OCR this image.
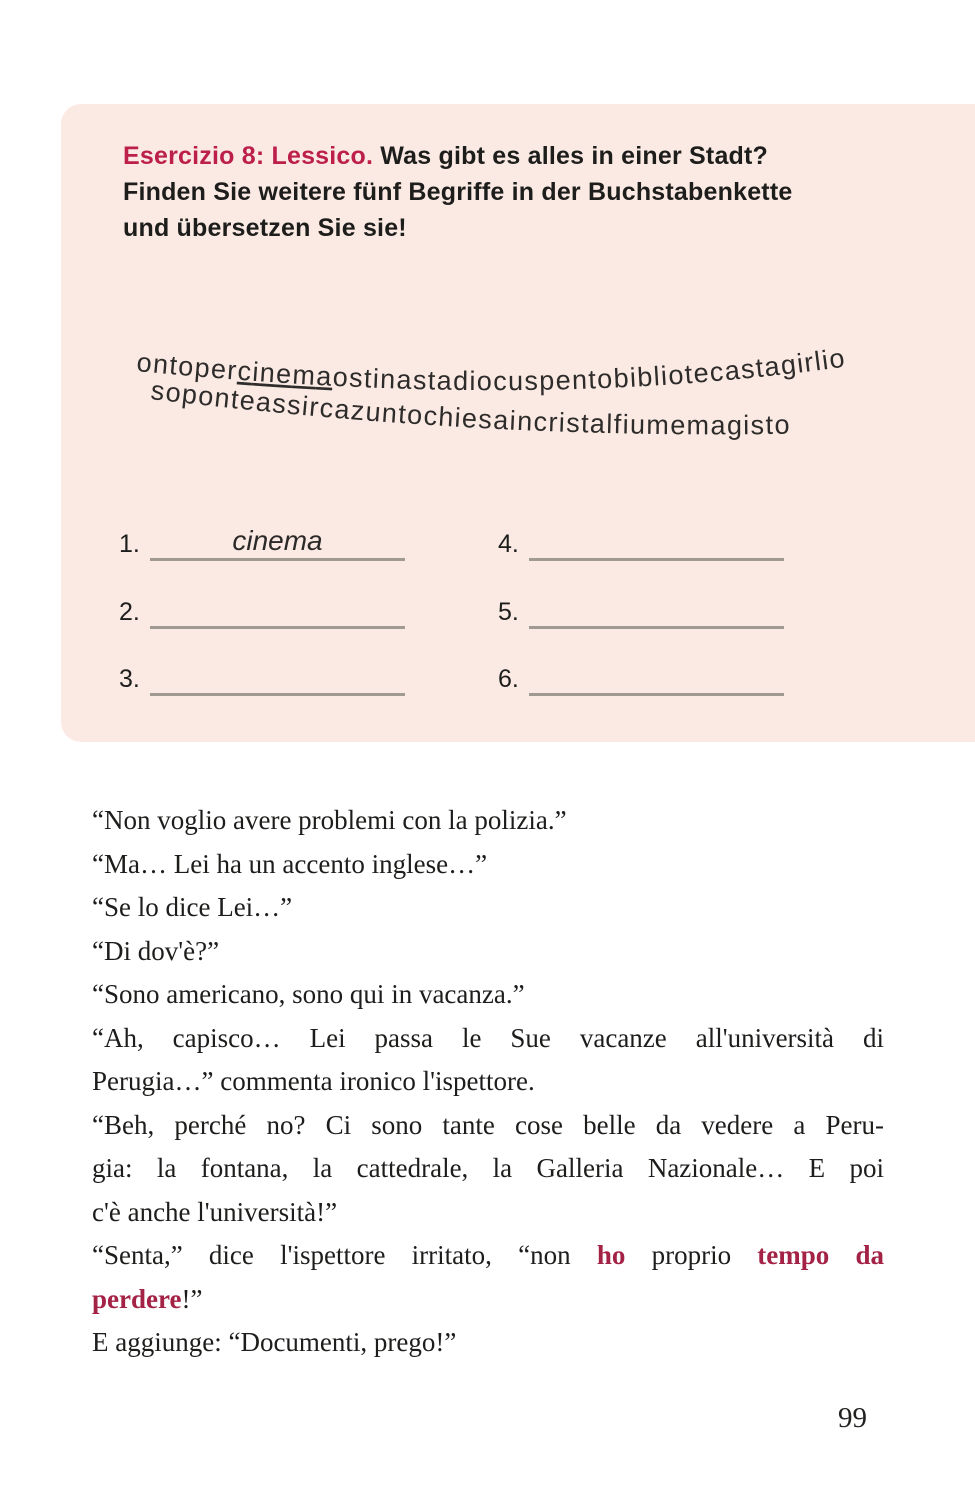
Esercizio 8: Lessico. Was gibt es alles in einer Stadt?
Finden Sie weitere fünf Begriffe in der Buchstabenkette
und übersetzen Sie sie!
ontopercinemaostinastadiocuspentobibliotecastagirlio
soponteassircazuntochiesaincristalfiumemagisto
1.	cinema
2.
3.
4.
5.
6.
“Non voglio avere problemi con la polizia.”
“Ma… Lei ha un accento inglese…”
“Se lo dice Lei…”
“Di dov'è?”
“Sono americano, sono qui in vacanza.”
“Ah, capisco… Lei passa le Sue vacanze all'università di
Perugia…” commenta ironico l'ispettore.
“Beh, perché no? Ci sono tante cose belle da vedere a Peru-
gia: la fontana, la cattedrale, la Galleria Nazionale… E poi
c'è anche l'università!”
“Senta,” dice l'ispettore irritato, “non ho proprio tempo da
perdere!”
E aggiunge: “Documenti, prego!”
99
